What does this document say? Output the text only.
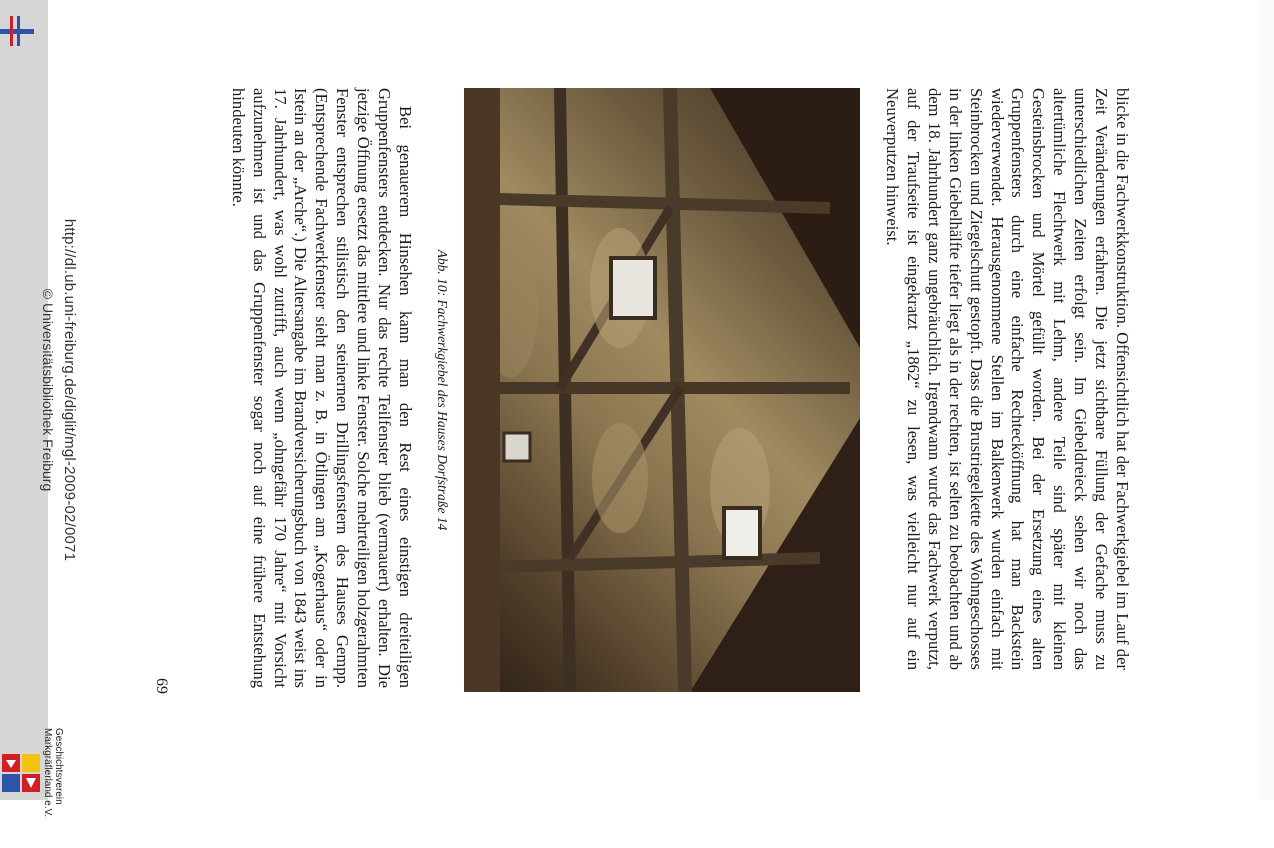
blicke in die Fachwerkkonstruktion. Offensichtlich hat der Fachwerkgiebel im Lauf der Zeit Veränderungen erfahren. Die jetzt sichtbare Füllung der Gefache muss zu unterschiedlichen Zeiten erfolgt sein. Im Giebeldreieck sehen wir noch das altertümliche Flechtwerk mit Lehm, andere Teile sind später mit kleinen Gesteinsbrocken und Mörtel gefüllt worden. Bei der Ersetzung eines alten Gruppenfensters durch eine einfache Rechtecköffnung hat man Backstein wiederverwendet. Herausgenommene Stellen im Balkenwerk wurden einfach mit Steinbrocken und Ziegelschutt gestopft. Dass die Brustriegelkette des Wohngeschosses in der linken Giebelhälfte tiefer liegt als in der rechten, ist selten zu beobachten und ab dem 18. Jahrhundert ganz ungebräuchlich. Irgendwann wurde das Fachwerk verputzt, auf der Traufseite ist eingekratzt „1862“ zu lesen, was vielleicht nur auf ein Neuverputzen hinweist.

Abb. 10: Fachwerkgiebel des Hauses Dorfstraße 14

Bei genauerem Hinsehen kann man den Rest eines einstigen dreiteiligen Gruppenfensters entdecken. Nur das rechte Teilfenster blieb (vermauert) erhalten. Die jetzige Öffnung ersetzt das mittlere und linke Fenster. Solche mehrteiligen holzgerahmten Fenster entsprechen stilistisch den steinernen Drillingsfenstern des Hauses Gempp. (Entsprechende Fachwerkfenster sieht man z. B. in Ötlingen am „Kogerhaus“ oder in Istein an der „Arche“.) Die Altersangabe im Brandversicherungsbuch von 1843 weist ins 17. Jahrhundert, was wohl zutrifft, auch wenn „ohngefähr 170 Jahre“ mit Vorsicht aufzunehmen ist und das Gruppenfenster sogar noch auf eine frühere Entstehung hindeuten könnte.

69
http://dl.ub.uni-freiburg.de/diglit/mgl-2009-02/0071
© Universitätsbibliothek Freiburg
Geschichtsverein
Markgräflerland e.V.
